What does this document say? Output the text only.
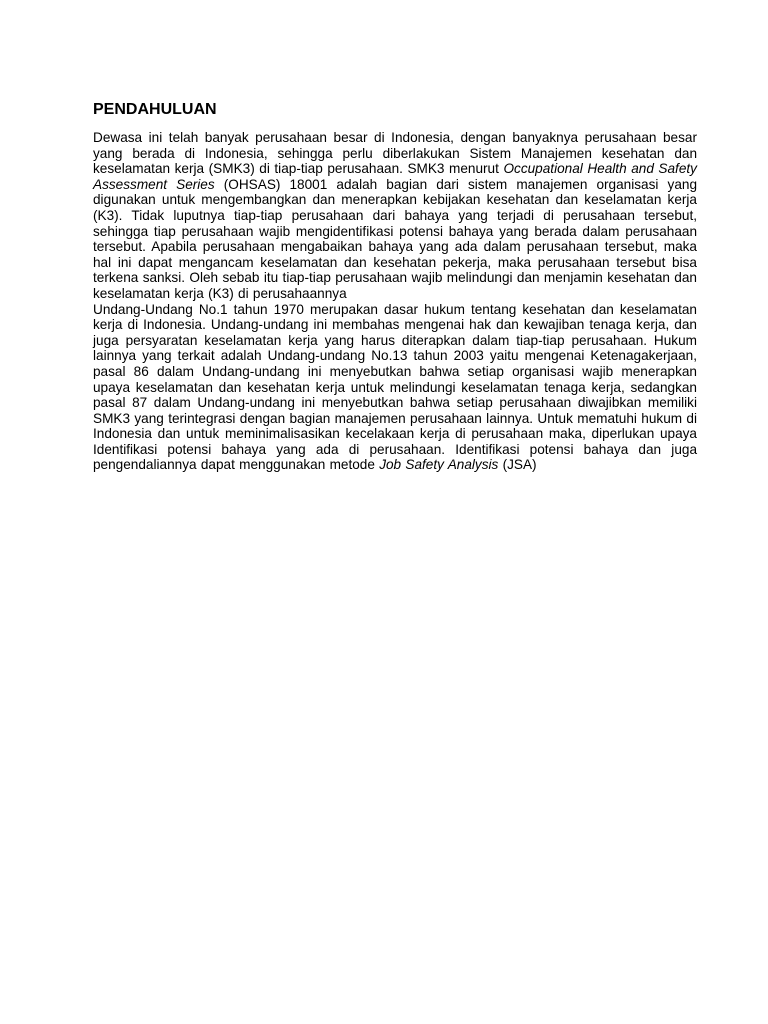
PENDAHULUAN

Dewasa ini telah banyak perusahaan besar di Indonesia, dengan banyaknya perusahaan besar yang berada di Indonesia, sehingga perlu diberlakukan Sistem Manajemen kesehatan dan keselamatan kerja (SMK3) di tiap-tiap perusahaan. SMK3 menurut Occupational Health and Safety Assessment Series (OHSAS) 18001 adalah bagian dari sistem manajemen organisasi yang digunakan untuk mengembangkan dan menerapkan kebijakan kesehatan dan keselamatan kerja (K3). Tidak luputnya tiap-tiap perusahaan dari bahaya yang terjadi di perusahaan tersebut, sehingga tiap perusahaan wajib mengidentifikasi potensi bahaya yang berada dalam perusahaan tersebut. Apabila perusahaan mengabaikan bahaya yang ada dalam perusahaan tersebut, maka hal ini dapat mengancam keselamatan dan kesehatan pekerja, maka perusahaan tersebut bisa terkena sanksi. Oleh sebab itu tiap-tiap perusahaan wajib melindungi dan menjamin kesehatan dan keselamatan kerja (K3) di perusahaannya

Undang-Undang No.1 tahun 1970 merupakan dasar hukum tentang kesehatan dan keselamatan kerja di Indonesia. Undang-undang ini membahas mengenai hak dan kewajiban tenaga kerja, dan juga persyaratan keselamatan kerja yang harus diterapkan dalam tiap-tiap perusahaan. Hukum lainnya yang terkait adalah Undang-undang No.13 tahun 2003 yaitu mengenai Ketenagakerjaan, pasal 86 dalam Undang-undang ini menyebutkan bahwa setiap organisasi wajib menerapkan upaya keselamatan dan kesehatan kerja untuk melindungi keselamatan tenaga kerja, sedangkan pasal 87 dalam Undang-undang ini menyebutkan bahwa setiap perusahaan diwajibkan memiliki SMK3 yang terintegrasi dengan bagian manajemen perusahaan lainnya. Untuk mematuhi hukum di Indonesia dan untuk meminimalisasikan kecelakaan kerja di perusahaan maka, diperlukan upaya Identifikasi potensi bahaya yang ada di perusahaan. Identifikasi potensi bahaya dan juga pengendaliannya dapat menggunakan metode Job Safety Analysis (JSA)
